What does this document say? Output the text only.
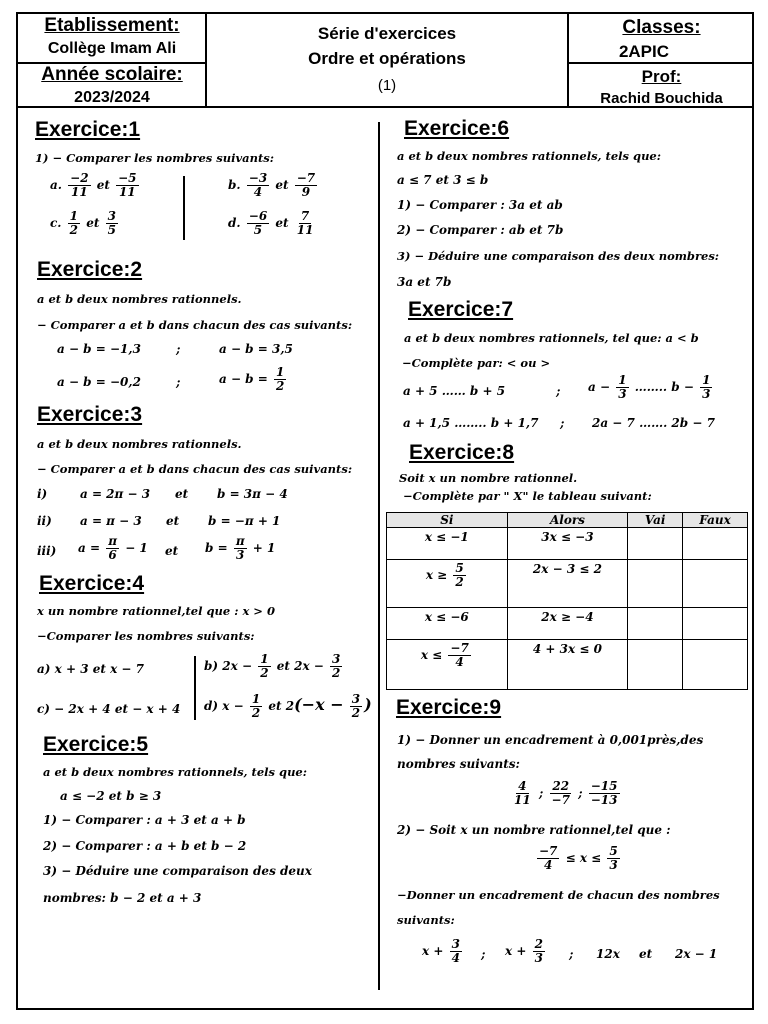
Etablissement:
Collège Imam Ali
Année scolaire:
2023/2024
Série d'exercices
Ordre et opérations
(1)
Classes:
2APIC
Prof:
Rachid Bouchida
Exercice:1
1) − Comparer les nombres suivants:
a. $\frac{-2}{11}$ et $\frac{-5}{11}$	b. $\frac{-3}{4}$ et $\frac{-7}{9}$
c. $\frac{1}{2}$ et $\frac{3}{5}$	d. $\frac{-6}{5}$ et $\frac{7}{11}$
Exercice:2
a et b deux nombres rationnels.
− Comparer a et b dans chacun des cas suivants:
a − b = −1,3	;	a − b = 3,5
a − b = −0,2	;	$a - b = \frac{1}{2}$
Exercice:3
a et b deux nombres rationnels.
− Comparer a et b dans chacun des cas suivants:
i)	a = 2π − 3 et b = 3π − 4
ii) a = π − 3 et b = −π + 1
iii) $a = \frac{\pi}{6} - 1$ et $b = \frac{\pi}{3} + 1$
Exercice:4
x un nombre rationnel,tel que : x > 0
−Comparer les nombres suivants:
a) x + 3 et x − 7	b) $2x - \frac{1}{2}$ et $2x - \frac{3}{2}$
c) − 2x + 4 et − x + 4 d) $x - \frac{1}{2}$ et $2(-x - \frac{3}{2}$ )
Exercice:5
a et b deux nombres rationnels, tels que:
a ≤ −2 et b ≥ 3
1) − Comparer : a + 3 et a + b
2) − Comparer : a + b et b − 2
3) − Déduire une comparaison des deux
nombres: b − 2 et a + 3
Exercice:6
a et b deux nombres rationnels, tels que:
a ≤ 7 et 3 ≤ b
1) − Comparer : 3a et ab
2) − Comparer : ab et 7b
3) − Déduire une comparaison des deux nombres:
3a et 7b
Exercice:7
a et b deux nombres rationnels, tel que: a < b
−Complète par: < ou >
a + 5 …… b + 5	; $a - \frac{1}{3}$ …….. $b - \frac{1}{3}$
a + 1,5 …….. b + 1,7 ; 2a − 7 ……. 2b − 7
Exercice:8
Soit x un nombre rationnel.
−Complète par " X" le tableau suivant:
Si	Alors	Vai	Faux
x ≤ −1	3x ≤ −3		
$x \ge \frac{5}{2}$	2x − 3 ≤ 2		
x ≤ −6	2x ≥ −4		
$x \le \frac{-7}{4}$	4 + 3x ≤ 0		
Exercice:9
1) − Donner un encadrement à 0,001près,des
nombres suivants:
$\frac{4}{11}$ ; $\frac{22}{-7}$ ; $\frac{-15}{-13}$
2) − Soit x un nombre rationnel,tel que :
$\frac{-7}{4} \le x \le \frac{5}{3}$
−Donner un encadrement de chacun des nombres
suivants:
$x + \frac{3}{4}$ ; $x + \frac{2}{3}$ ; 12x et 2x − 1
